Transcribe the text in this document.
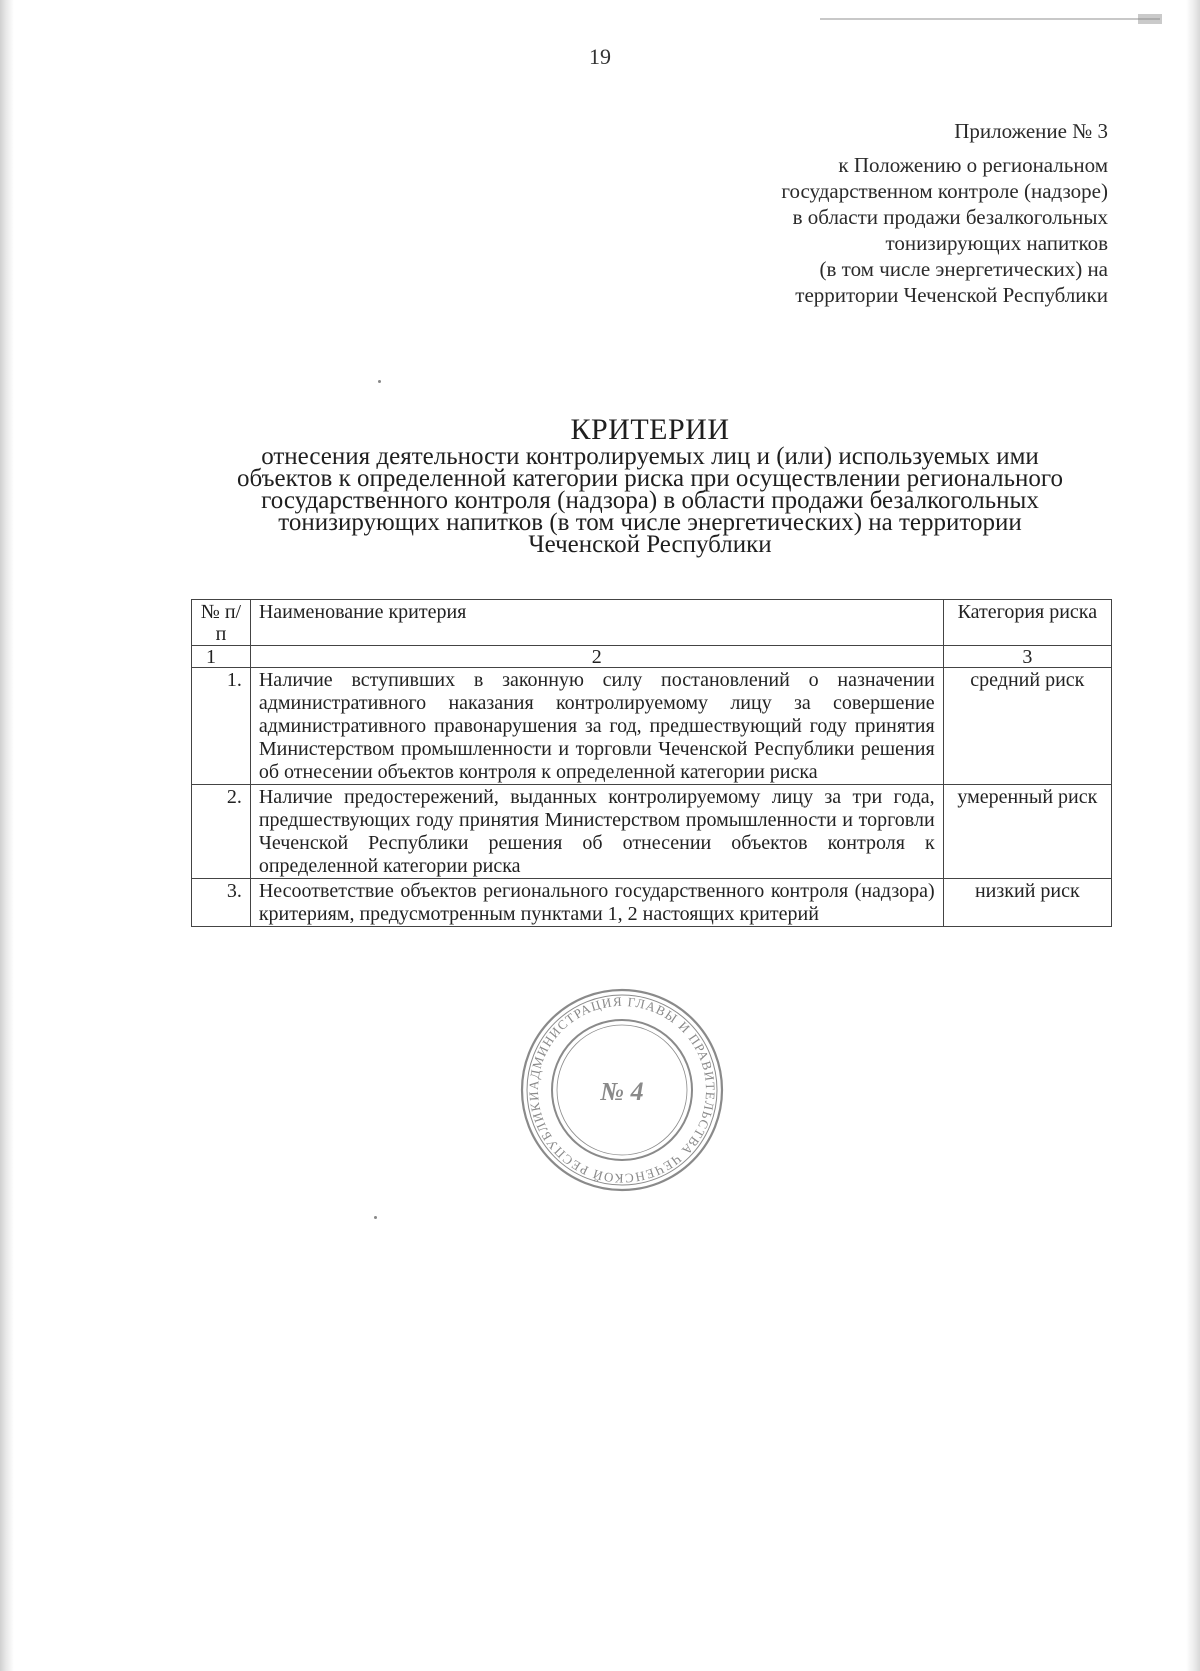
19
Приложение № 3
к Положению о региональном
государственном контроле (надзоре)
в области продажи безалкогольных
тонизирующих напитков
(в том числе энергетических) на
территории Чеченской Республики
КРИТЕРИИ
отнесения деятельности контролируемых лиц и (или) используемых ими
объектов к определенной категории риска при осуществлении регионального
государственного контроля (надзора) в области продажи безалкогольных
тонизирующих напитков (в том числе энергетических) на территории
Чеченской Республики
№ п/п	Наименование критерия	Категория риска
1	2	3
1.	Наличие вступивших в законную силу постановлений о назначении административного наказания контролируемому лицу за совершение административного правонарушения за год, предшествующий году принятия Министерством промышленности и торговли Чеченской Республики решения об отнесении объектов контроля к определенной категории риска	средний риск
2.	Наличие предостережений, выданных контролируемому лицу за три года, предшествующих году принятия Министерством промышленности и торговли Чеченской Республики решения об отнесении объектов контроля к определенной категории риска	умеренный риск
3.	Несоответствие объектов регионального государственного контроля (надзора) критериям, предусмотренным пунктами 1, 2 настоящих критерий	низкий риск
АДМИНИСТРАЦИЯ ГЛАВЫ И ПРАВИТЕЛЬСТВА ЧЕЧЕНСКОЙ РЕСПУБЛИКИ	№ 4
